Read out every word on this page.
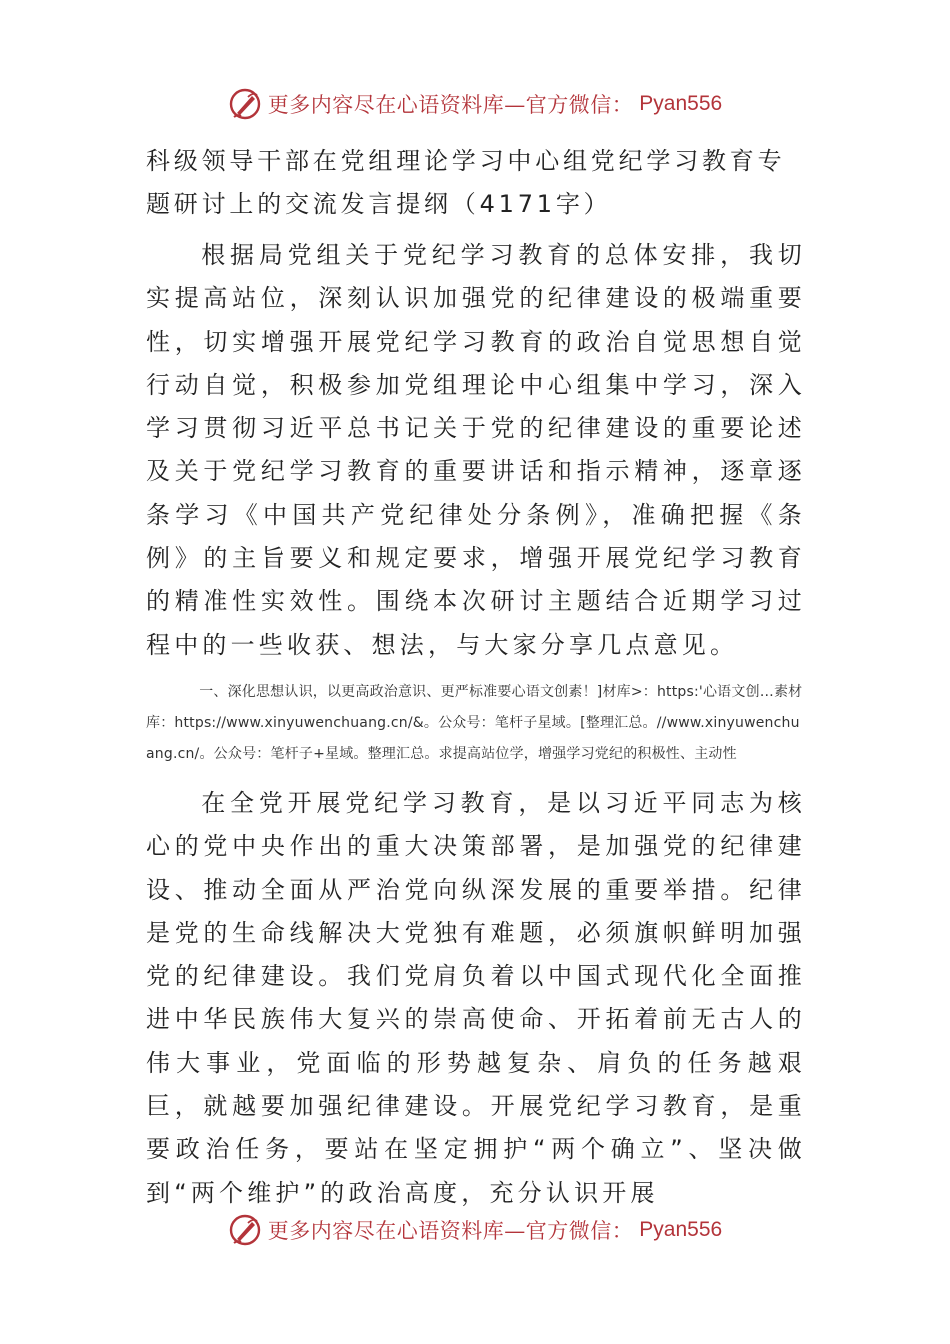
更多内容尽在心语资料库—官方微信： Pyan556
科级领导干部在党组理论学习中心组党纪学习教育专题研讨上的交流发言提纲（4171字）

根据局党组关于党纪学习教育的总体安排，我切实提高站位，深刻认识加强党的纪律建设的极端重要性，切实增强开展党纪学习教育的政治自觉思想自觉行动自觉，积极参加党组理论中心组集中学习，深入学习贯彻习近平总书记关于党的纪律建设的重要论述及关于党纪学习教育的重要讲话和指示精神，逐章逐条学习《中国共产党纪律处分条例》，准确把握《条例》的主旨要义和规定要求，增强开展党纪学习教育的精准性实效性。围绕本次研讨主题结合近期学习过程中的一些收获、想法，与大家分享几点意见。

一、深化思想认识，以更高政治意识、更严标准要心语文创素！]材库>：https:'心语文创…素材库：https://www.xinyuwenchuang.cn/&。公众号：笔杆子星域。[整理汇总。//www.xinyuwenchuang.cn/。公众号：笔杆子+星域。整理汇总。求提高站位学，增强学习党纪的积极性、主动性

在全党开展党纪学习教育，是以习近平同志为核心的党中央作出的重大决策部署，是加强党的纪律建设、推动全面从严治党向纵深发展的重要举措。纪律是党的生命线解决大党独有难题，必须旗帜鲜明加强党的纪律建设。我们党肩负着以中国式现代化全面推进中华民族伟大复兴的崇高使命、开拓着前无古人的伟大事业，党面临的形势越复杂、肩负的任务越艰巨，就越要加强纪律建设。开展党纪学习教育，是重要政治任务，要站在坚定拥护“两个确立”、坚决做到“两个维护”的政治高度，充分认识开展

更多内容尽在心语资料库—官方微信： Pyan556
